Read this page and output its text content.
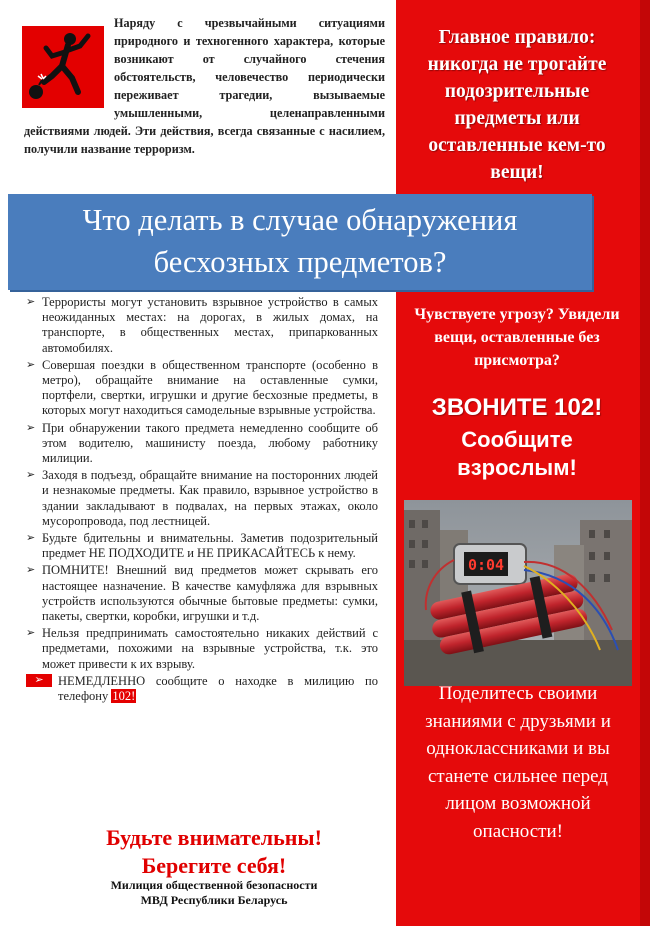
Главное правило: никогда не трогайте подозрительные предметы или оставленные кем-то вещи!
Наряду с чрезвычайными ситуациями природного и техногенного характера, которые возникают от случайного стечения обстоятельств, человечество периодически переживает трагедии, вызываемые умышленными, целенаправленными действиями людей. Эти действия, всегда связанные с насилием, получили название терроризм.
Что делать в случае обнаружения
бесхозных предметов?
➢ Террористы могут установить взрывное устройство в самых неожиданных местах: на дорогах, в жилых домах, на транспорте, в общественных местах, припаркованных автомобилях.
➢ Совершая поездки в общественном транспорте (особенно в метро), обращайте внимание на оставленные сумки, портфели, свертки, игрушки и другие бесхозные предметы, в которых могут находиться самодельные взрывные устройства.
➢ При обнаружении такого предмета немедленно сообщите об этом водителю, машинисту поезда, любому работнику милиции.
➢ Заходя в подъезд, обращайте внимание на посторонних людей и незнакомые предметы. Как правило, взрывное устройство в здании закладывают в подвалах, на первых этажах, около мусоропровода, под лестницей.
➢ Будьте бдительны и внимательны. Заметив подозрительный предмет НЕ ПОДХОДИТЕ и НЕ ПРИКАСАЙТЕСЬ к нему.
➢ ПОМНИТЕ! Внешний вид предметов может скрывать его настоящее назначение. В качестве камуфляжа для взрывных устройств используются обычные бытовые предметы: сумки, пакеты, свертки, коробки, игрушки и т.д.
➢ Нельзя предпринимать самостоятельно никаких действий с предметами, похожими на взрывные устройства, т.к. это может привести к их взрыву.
➢	НЕМЕДЛЕННО сообщите о находке в милицию по телефону 102!
Будьте внимательны!
Берегите себя!
Милиция общественной безопасности
МВД Республики Беларусь
Чувствуете угрозу? Увидели вещи, оставленные без присмотра?
ЗВОНИТЕ 102!
Сообщите взрослым!
0:04
Поделитесь своими знаниями с друзьями и одноклассниками и вы станете сильнее перед лицом возможной опасности!
